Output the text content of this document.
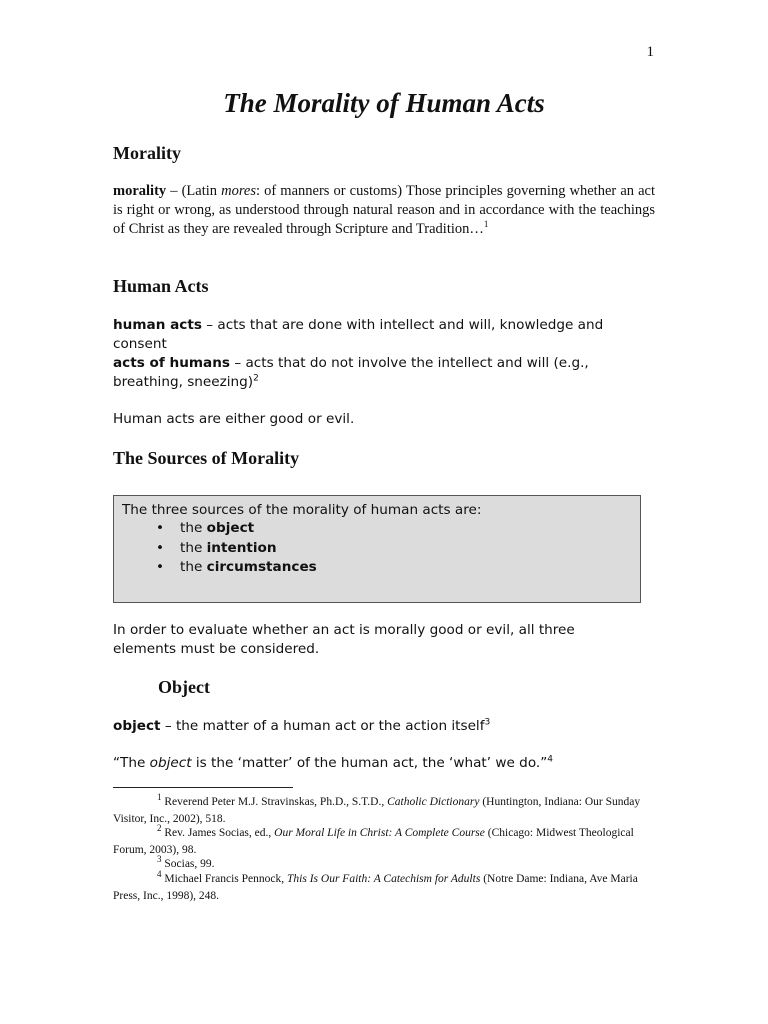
1
The Morality of Human Acts
Morality

morality – (Latin mores: of manners or customs) Those principles governing whether an act is right or wrong, as understood through natural reason and in accordance with the teachings of Christ as they are revealed through Scripture and Tradition…$^1$

Human Acts

human acts – acts that are done with intellect and will, knowledge and consent

acts of humans – acts that do not involve the intellect and will (e.g., breathing, sneezing)$^2$

Human acts are either good or evil.

The Sources of Morality
The three sources of the morality of human acts are:
• the object
• the intention
• the circumstances

In order to evaluate whether an act is morally good or evil, all three elements must be considered.

Object

object – the matter of a human act or the action itself$^3$

“The object is the ‘matter’ of the human act, the ‘what’ we do.”$^4$

$^1$ Reverend Peter M.J. Stravinskas, Ph.D., S.T.D., Catholic Dictionary (Huntington, Indiana: Our Sunday Visitor, Inc., 2002), 518.
$^2$ Rev. James Socias, ed., Our Moral Life in Christ: A Complete Course (Chicago: Midwest Theological Forum, 2003), 98.
$^3$ Socias, 99.
$^4$ Michael Francis Pennock, This Is Our Faith: A Catechism for Adults (Notre Dame: Indiana, Ave Maria Press, Inc., 1998), 248.
